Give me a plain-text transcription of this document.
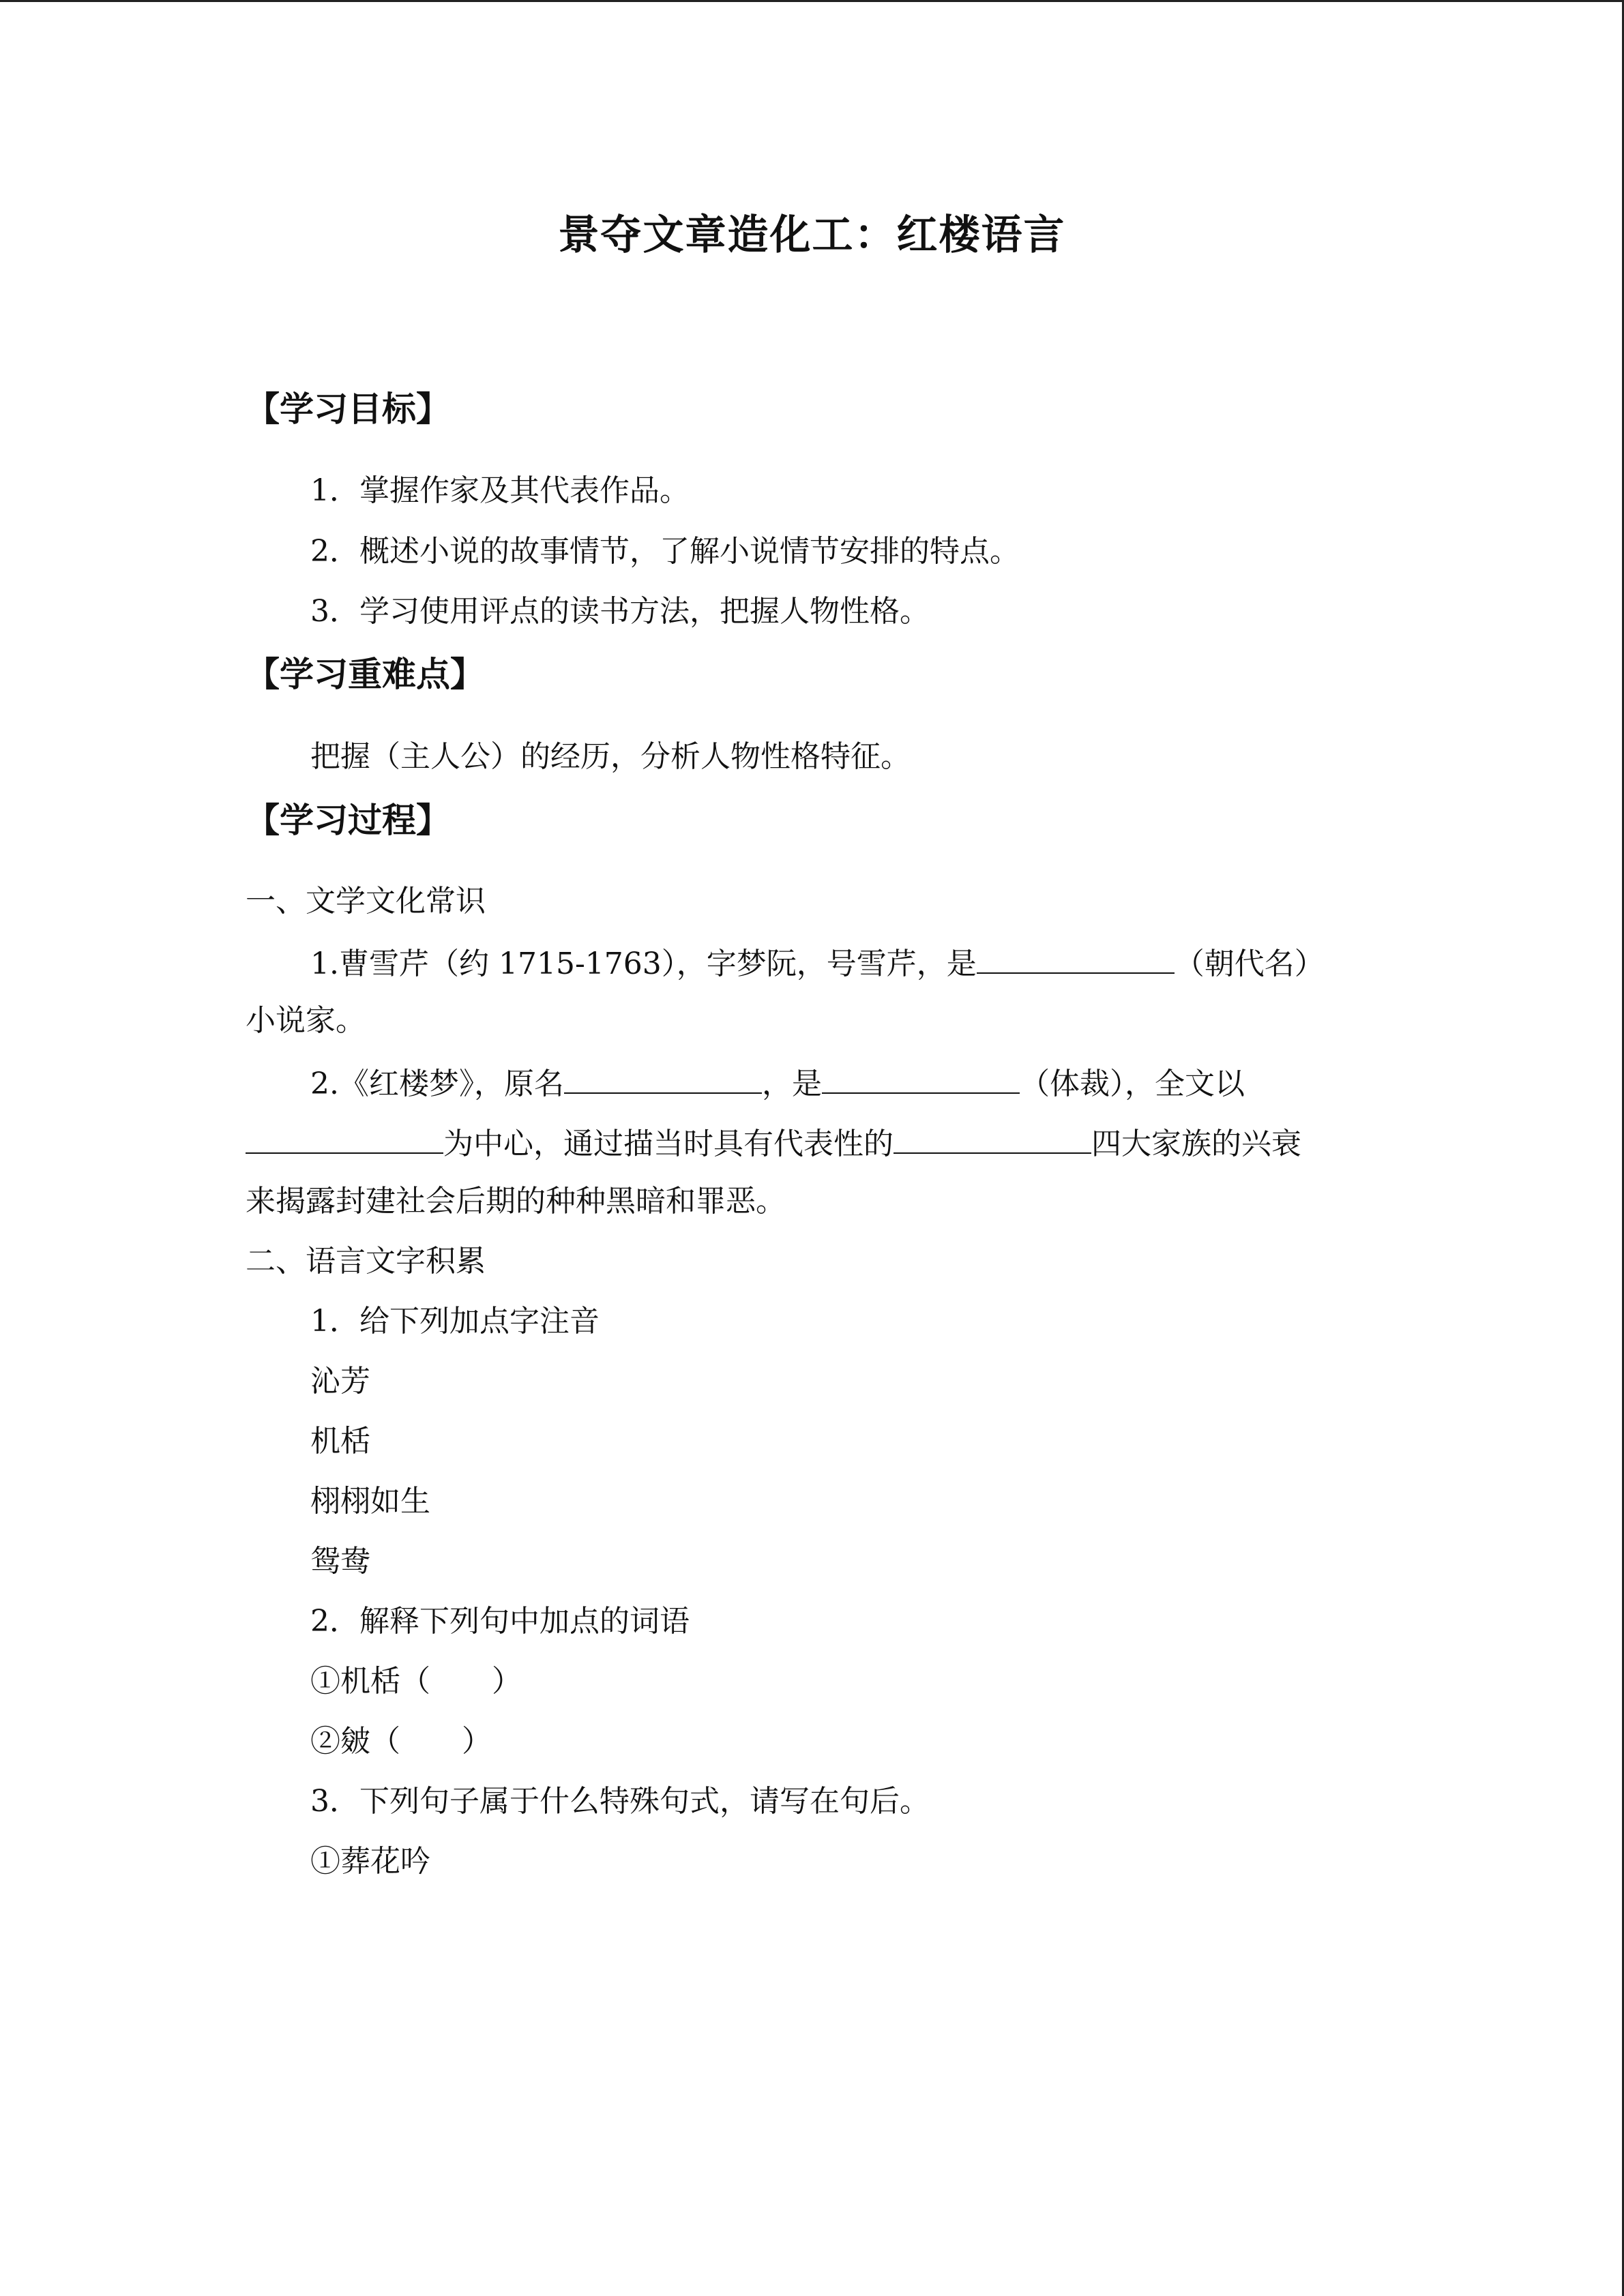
景夺文章造化工：红楼语言
【学习目标】
1．掌握作家及其代表作品。
2．概述小说的故事情节，了解小说情节安排的特点。
3．学习使用评点的读书方法，把握人物性格。
【学习重难点】
把握（主人公）的经历，分析人物性格特征。
【学习过程】
一、文学文化常识
1.曹雪芹（约 1715-1763），字梦阮，号雪芹，是	（朝代名）
小说家。
2.《红楼梦》，原名	，是	（体裁），全文以
为中心，通过描当时具有代表性的	四大家族的兴衰
来揭露封建社会后期的种种黑暗和罪恶。
二、语言文字积累
1．给下列加点字注音
沁芳
机栝
栩栩如生
鸳鸯
2．解释下列句中加点的词语
①机栝（ ）
②皴（ ）
3．下列句子属于什么特殊句式，请写在句后。
①葬花吟
